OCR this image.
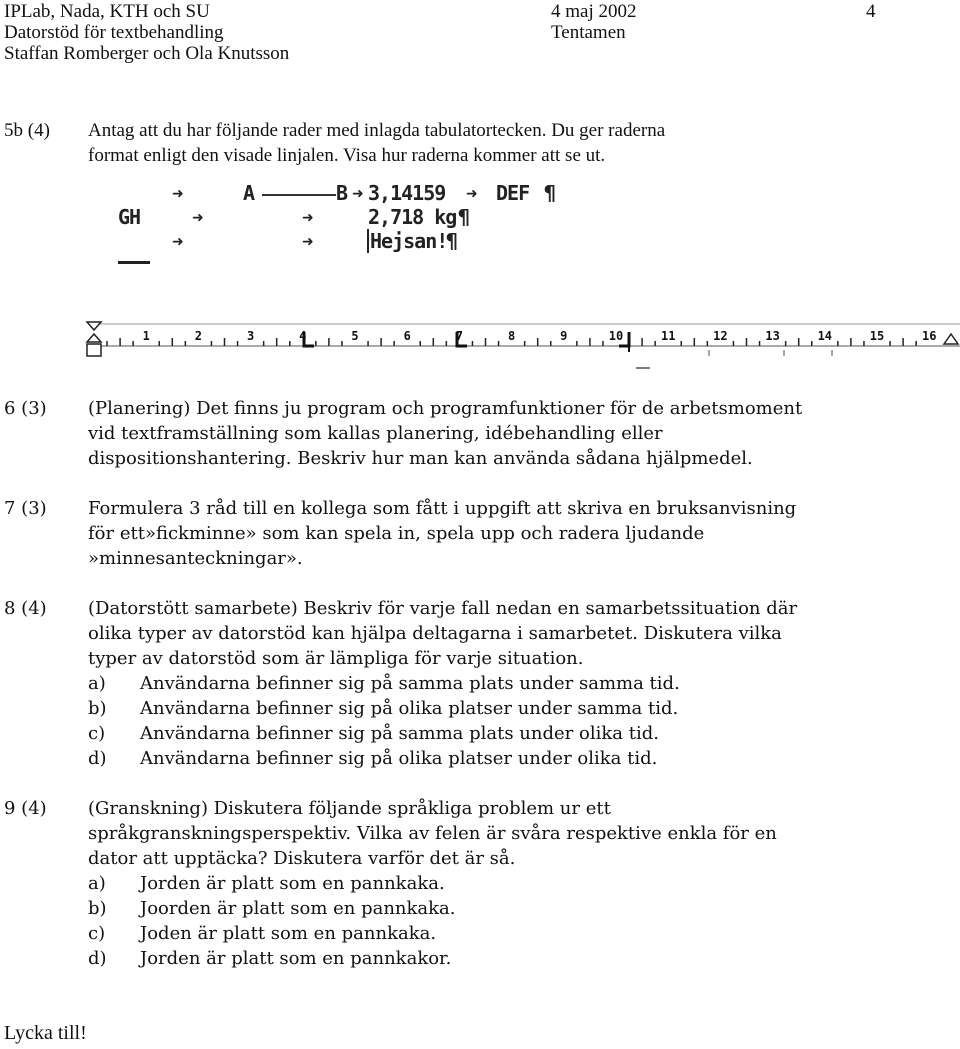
IPLab, Nada, KTH och SU
Datorstöd för textbehandling
Staffan Romberger och Ola Knutsson
4 maj 2002
Tentamen
4
5b (4) Antag att du har följande rader med inlagda tabulatortecken. Du ger raderna
format enligt den visade linjalen. Visa hur raderna kommer att se ut.
➜	A	B ➜ 3,14159 ➜ DEF ¶
GH	➜	➜	2,718 kg ¶
➜	➜	Hejsan!
¶
1	2	3	4	5	6	7	8	9	10	11	12	13	14	15	16
6 (3) (Planering) Det finns ju program och programfunktioner för de arbetsmoment
vid textframställning som kallas planering, idébehandling eller
dispositionshantering. Beskriv hur man kan använda sådana hjälpmedel.
7 (3) Formulera 3 råd till en kollega som fått i uppgift att skriva en bruksanvisning
för ett»fickminne» som kan spela in, spela upp och radera ljudande
»minnesanteckningar».
8 (4) (Datorstött samarbete) Beskriv för varje fall nedan en samarbetssituation där
olika typer av datorstöd kan hjälpa deltagarna i samarbetet. Diskutera vilka
typer av datorstöd som är lämpliga för varje situation.
a) Användarna befinner sig på samma plats under samma tid.
b) Användarna befinner sig på olika platser under samma tid.
c) Användarna befinner sig på samma plats under olika tid.
d) Användarna befinner sig på olika platser under olika tid.
9 (4) (Granskning) Diskutera följande språkliga problem ur ett
språkgranskningsperspektiv. Vilka av felen är svåra respektive enkla för en
dator att upptäcka? Diskutera varför det är så.
a) Jorden är platt som en pannkaka.
b) Joorden är platt som en pannkaka.
c) Joden är platt som en pannkaka.
d) Jorden är platt som en pannkakor.
Lycka till!
